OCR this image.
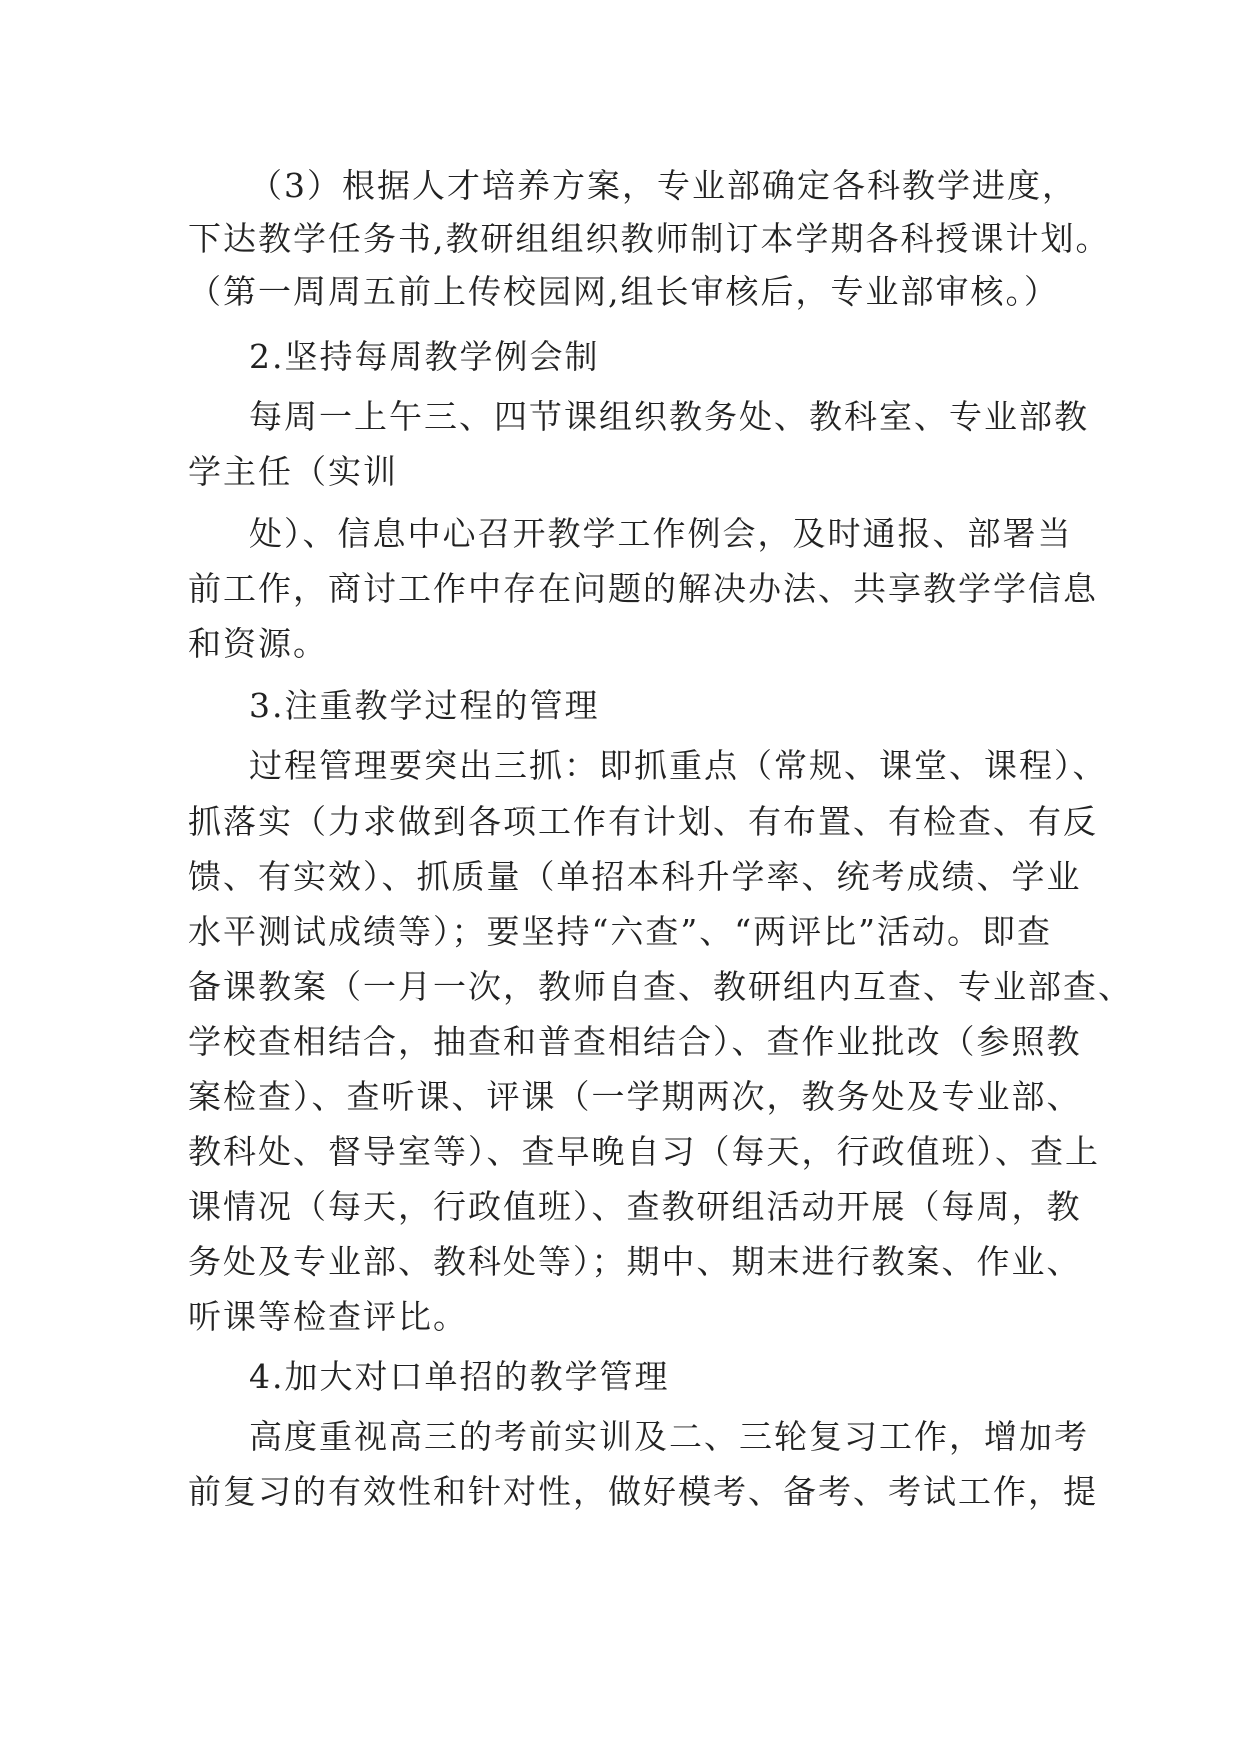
（3）根据人才培养方案，专业部确定各科教学进度，
下达教学任务书,教研组组织教师制订本学期各科授课计划。
（第一周周五前上传校园网,组长审核后，专业部审核。）
2.坚持每周教学例会制
每周一上午三、四节课组织教务处、教科室、专业部教
学主任（实训
处）、信息中心召开教学工作例会，及时通报、部署当
前工作，商讨工作中存在问题的解决办法、共享教学学信息
和资源。
3.注重教学过程的管理
过程管理要突出三抓：即抓重点（常规、课堂、课程）、
抓落实（力求做到各项工作有计划、有布置、有检查、有反
馈、有实效）、抓质量（单招本科升学率、统考成绩、学业
水平测试成绩等）；要坚持“六查”、“两评比”活动。即查
备课教案（一月一次，教师自查、教研组内互查、专业部查、
学校查相结合，抽查和普查相结合）、查作业批改（参照教
案检查）、查听课、评课（一学期两次，教务处及专业部、
教科处、督导室等）、查早晚自习（每天，行政值班）、查上
课情况（每天，行政值班）、查教研组活动开展（每周，教
务处及专业部、教科处等）；期中、期末进行教案、作业、
听课等检查评比。
4.加大对口单招的教学管理
高度重视高三的考前实训及二、三轮复习工作，增加考
前复习的有效性和针对性，做好模考、备考、考试工作，提
